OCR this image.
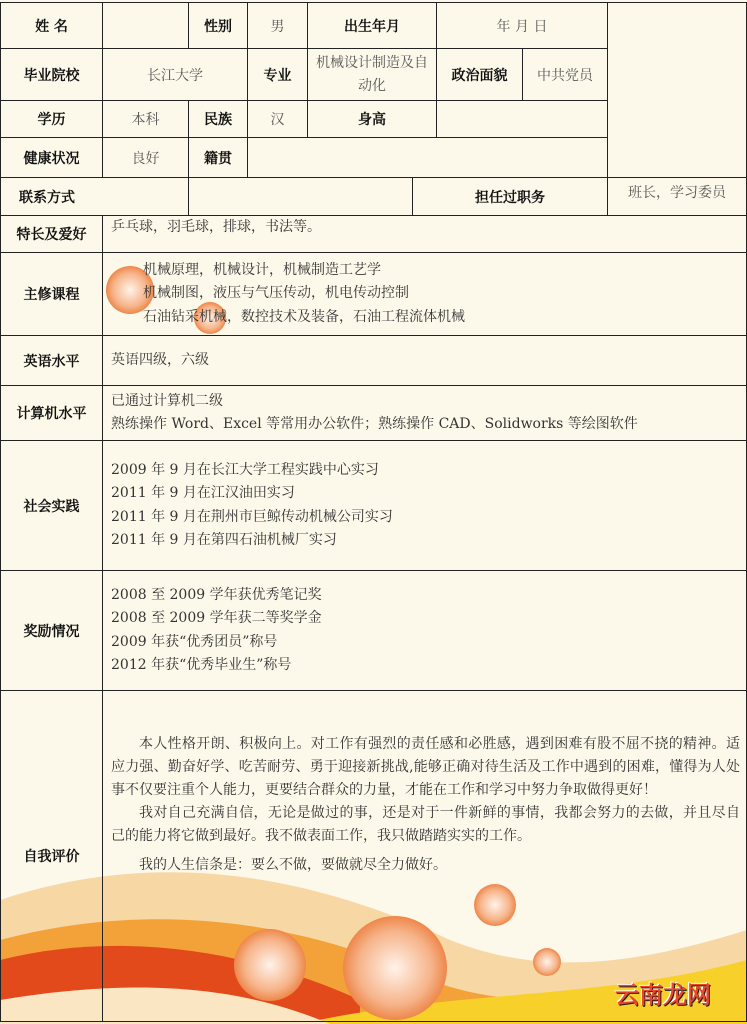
姓 名		性别	男	出生年月		年 月 日		
毕业院校	长江大学		专业	机械设计制造及自动化		政治面貌	中共党员	
学历	本科	民族	汉	身高				
健康状况	良好	籍贯						
联系方式					担任过职务			班长，学习委员
特长及爱好	乒乓球，羽毛球，排球，书法等。							

主修课程	机械原理，机械设计，机械制造工艺学
机械制图，液压与气压传动，机电传动控制
石油钻采机械，数控技术及装备，石油工程流体机械							

英语水平	英语四级，六级							

计算机水平	已通过计算机二级
熟练操作 Word、Excel 等常用办公软件；熟练操作 CAD、Solidworks 等绘图软件							

社会实践	2009 年 9 月在长江大学工程实践中心实习
2011 年 9 月在江汉油田实习
2011 年 9 月在荆州市巨鲸传动机械公司实习
2011 年 9 月在第四石油机械厂实习							

奖励情况	2008 至 2009 学年获优秀笔记奖
2008 至 2009 学年获二等奖学金
2009 年获“优秀团员”称号
2012 年获“优秀毕业生”称号							

自我评价	本人性格开朗、积极向上。对工作有强烈的责任感和必胜感，遇到困难有股不屈不挠的精神。适应力强、勤奋好学、吃苦耐劳、勇于迎接新挑战,能够正确对待生活及工作中遇到的困难，懂得为人处事不仅要注重个人能力，更要结合群众的力量，才能在工作和学习中努力争取做得更好！
我对自己充满自信，无论是做过的事，还是对于一件新鲜的事情，我都会努力的去做，并且尽自己的能力将它做到最好。我不做表面工作，我只做踏踏实实的工作。
我的人生信条是：要么不做，要做就尽全力做好。							
云南龙网
